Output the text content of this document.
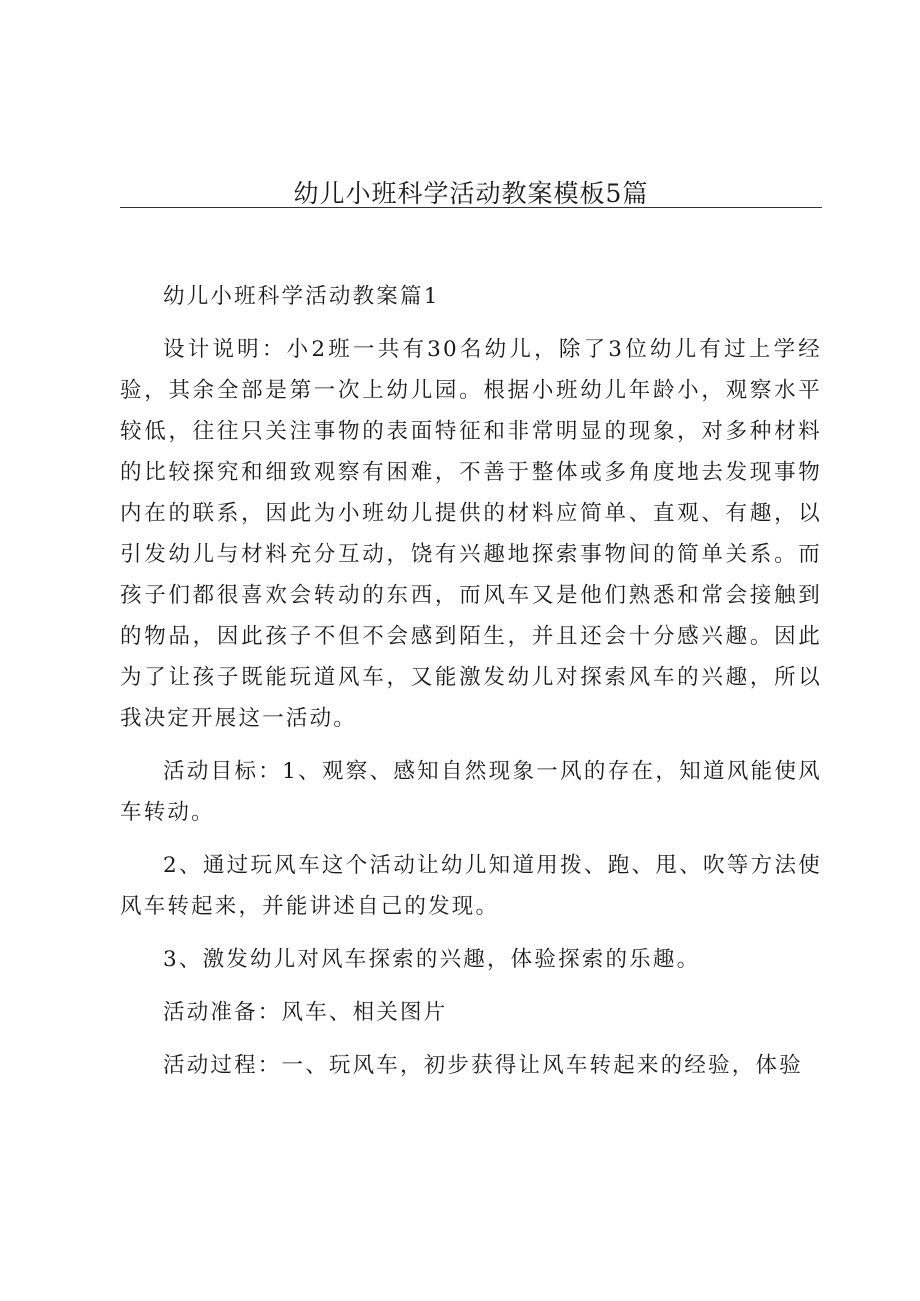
幼儿小班科学活动教案模板5篇

幼儿小班科学活动教案篇1

设计说明：小2班一共有30名幼儿，除了3位幼儿有过上学经验，其余全部是第一次上幼儿园。根据小班幼儿年龄小，观察水平较低，往往只关注事物的表面特征和非常明显的现象，对多种材料的比较探究和细致观察有困难，不善于整体或多角度地去发现事物内在的联系，因此为小班幼儿提供的材料应简单、直观、有趣，以引发幼儿与材料充分互动，饶有兴趣地探索事物间的简单关系。而孩子们都很喜欢会转动的东西，而风车又是他们熟悉和常会接触到的物品，因此孩子不但不会感到陌生，并且还会十分感兴趣。因此为了让孩子既能玩道风车，又能激发幼儿对探索风车的兴趣，所以我决定开展这一活动。

活动目标：1、观察、感知自然现象一风的存在，知道风能使风车转动。

2、通过玩风车这个活动让幼儿知道用拨、跑、甩、吹等方法使风车转起来，并能讲述自己的发现。

3、激发幼儿对风车探索的兴趣，体验探索的乐趣。

活动准备：风车、相关图片

活动过程：一、玩风车，初步获得让风车转起来的经验，体验
